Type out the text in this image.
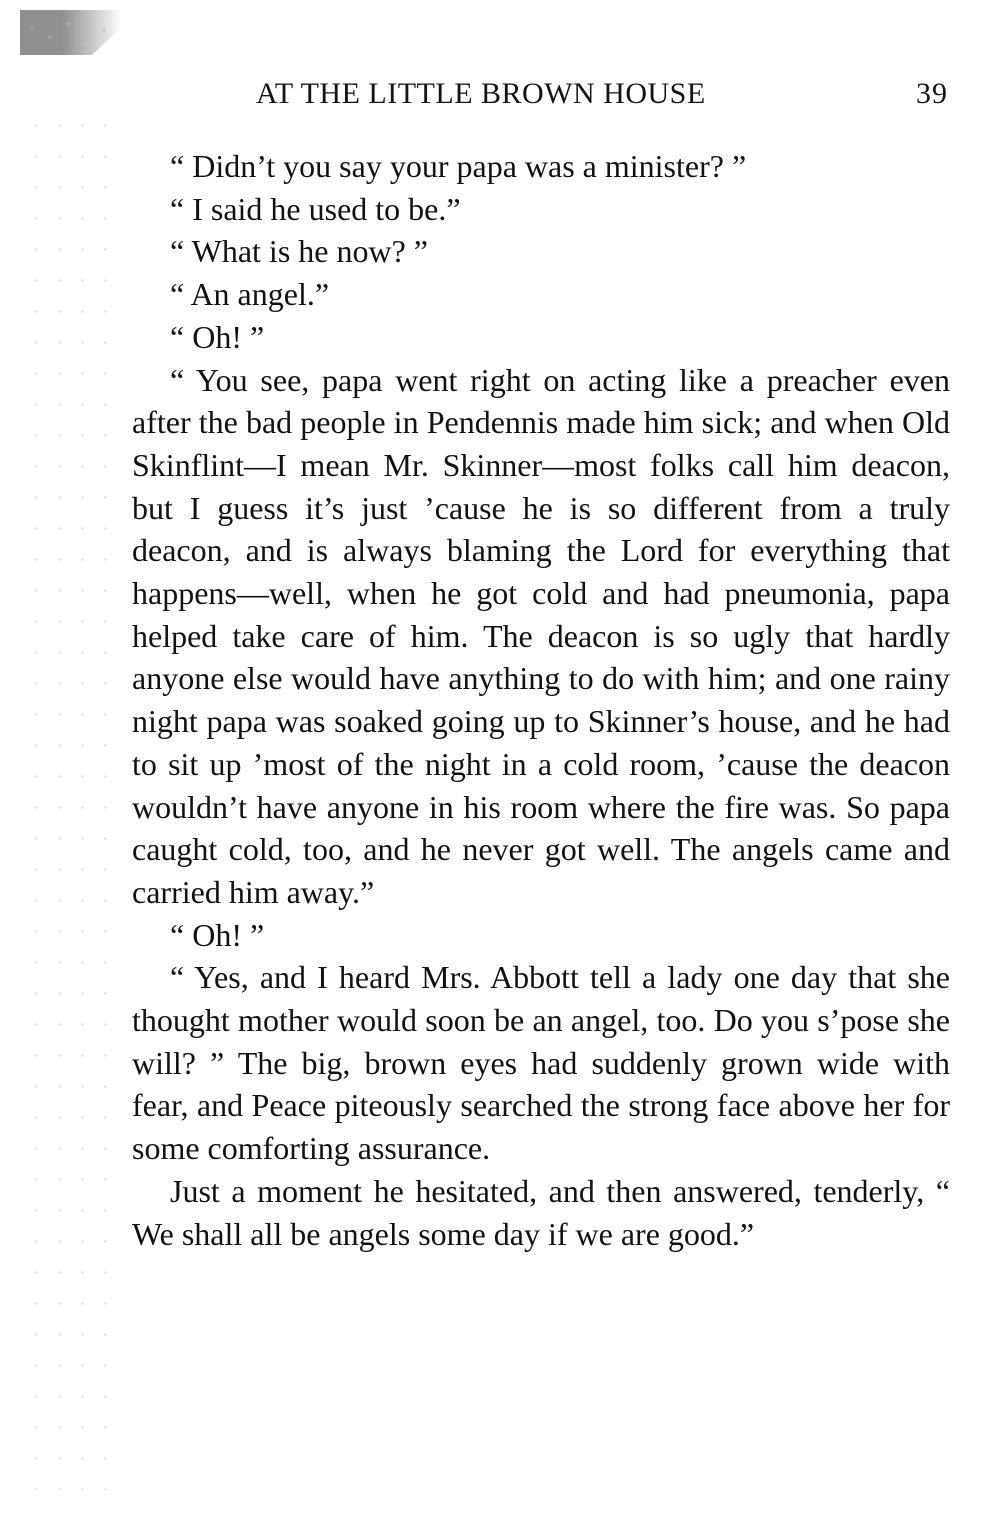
AT THE LITTLE BROWN HOUSE	39

“ Didn’t you say your papa was a minister? ”

“ I said he used to be.”

“ What is he now? ”

“ An angel.”

“ Oh! ”

“ You see, papa went right on acting like a preacher even after the bad people in Pendennis made him sick; and when Old Skinflint—I mean Mr. Skinner—most folks call him deacon, but I guess it’s just ’cause he is so different from a truly deacon, and is always blaming the Lord for everything that happens—well, when he got cold and had pneumonia, papa helped take care of him. The deacon is so ugly that hardly anyone else would have anything to do with him; and one rainy night papa was soaked going up to Skinner’s house, and he had to sit up ’most of the night in a cold room, ’cause the deacon wouldn’t have anyone in his room where the fire was. So papa caught cold, too, and he never got well. The angels came and carried him away.”

“ Oh! ”

“ Yes, and I heard Mrs. Abbott tell a lady one day that she thought mother would soon be an angel, too. Do you s’pose she will? ” The big, brown eyes had suddenly grown wide with fear, and Peace piteously searched the strong face above her for some comforting assurance.

Just a moment he hesitated, and then answered, tenderly, “ We shall all be angels some day if we are good.”
